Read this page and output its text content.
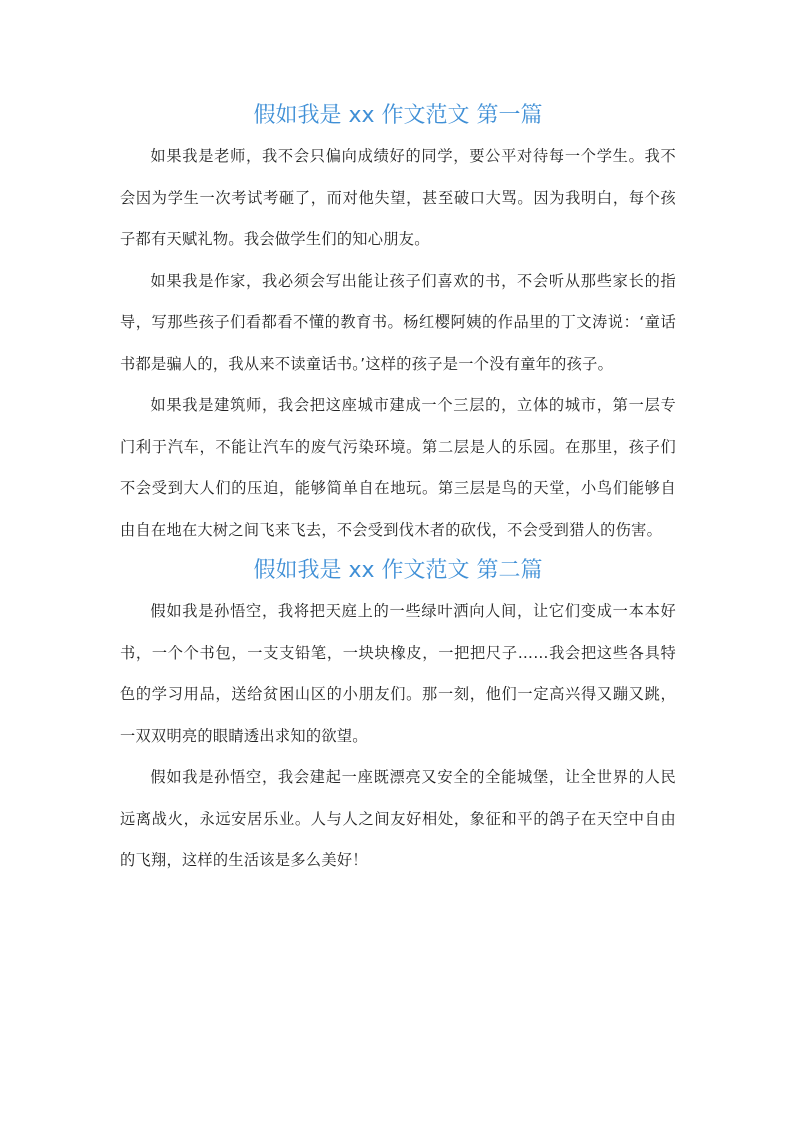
假如我是 xx 作文范文 第一篇

如果我是老师，我不会只偏向成绩好的同学，要公平对待每一个学生。我不会因为学生一次考试考砸了，而对他失望，甚至破口大骂。因为我明白，每个孩子都有天赋礼物。我会做学生们的知心朋友。

如果我是作家，我必须会写出能让孩子们喜欢的书，不会听从那些家长的指导，写那些孩子们看都看不懂的教育书。杨红樱阿姨的作品里的丁文涛说：‘童话书都是骗人的，我从来不读童话书。’这样的孩子是一个没有童年的孩子。

如果我是建筑师，我会把这座城市建成一个三层的，立体的城市，第一层专门利于汽车，不能让汽车的废气污染环境。第二层是人的乐园。在那里，孩子们不会受到大人们的压迫，能够简单自在地玩。第三层是鸟的天堂，小鸟们能够自由自在地在大树之间飞来飞去，不会受到伐木者的砍伐，不会受到猎人的伤害。

假如我是 xx 作文范文 第二篇

假如我是孙悟空，我将把天庭上的一些绿叶洒向人间，让它们变成一本本好书，一个个书包，一支支铅笔，一块块橡皮，一把把尺子……我会把这些各具特色的学习用品，送给贫困山区的小朋友们。那一刻，他们一定高兴得又蹦又跳，一双双明亮的眼睛透出求知的欲望。

假如我是孙悟空，我会建起一座既漂亮又安全的全能城堡，让全世界的人民远离战火，永远安居乐业。人与人之间友好相处，象征和平的鸽子在天空中自由的飞翔，这样的生活该是多么美好！
